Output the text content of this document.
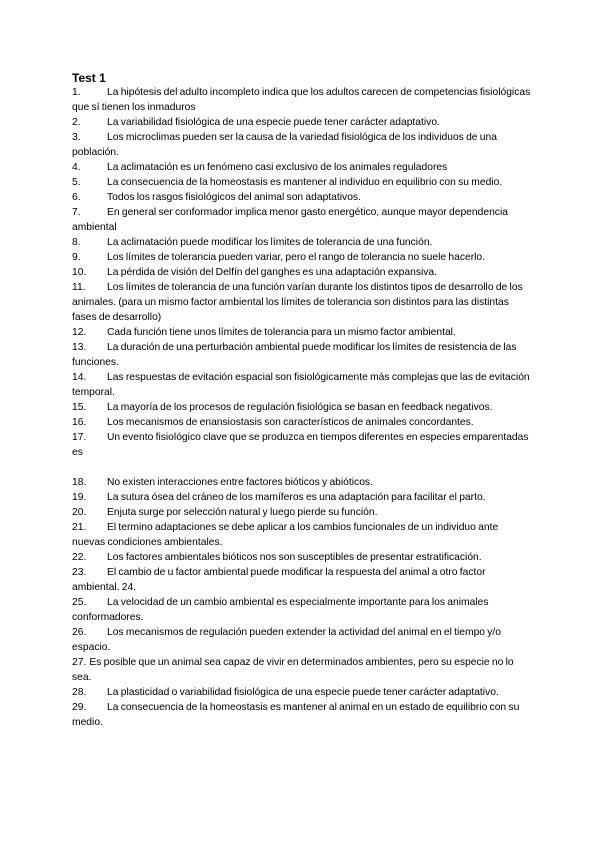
Test 1

1.	La hipótesis del adulto incompleto indica que los adultos carecen de competencias fisiológicas que sí tienen los inmaduros

2.	La variabilidad fisiológica de una especie puede tener carácter adaptativo.

3.	Los microclimas pueden ser la causa de la variedad fisiológica de los individuos de una población.

4.	La aclimatación es un fenómeno casi exclusivo de los animales reguladores

5.	La consecuencia de la homeostasis es mantener al individuo en equilibrio con su medio.

6.	Todos los rasgos fisiológicos del animal son adaptativos.

7.	En general ser conformador implica menor gasto energético, aunque mayor dependencia ambiental

8.	La aclimatación puede modificar los límites de tolerancia de una función.

9.	Los límites de tolerancia pueden variar, pero el rango de tolerancia no suele hacerlo.

10. La pérdida de visión del Delfín del ganghes es una adaptación expansiva.

11. Los límites de tolerancia de una función varían durante los distintos tipos de desarrollo de los animales. (para un mismo factor ambiental los límites de tolerancia son distintos para las distintas fases de desarrollo)

12. Cada función tiene unos límites de tolerancia para un mismo factor ambiental.

13. La duración de una perturbación ambiental puede modificar los límites de resistencia de las funciones.

14. Las respuestas de evitación espacial son fisiológicamente más complejas que las de evitación temporal.

15. La mayoría de los procesos de regulación fisiológica se basan en feedback negativos.

16. Los mecanismos de enansiostasis son característicos de animales concordantes.

17. Un evento fisiológico clave que se produzca en tiempos diferentes en especies emparentadas es

18. No existen interacciones entre factores bióticos y abióticos.

19. La sutura ósea del cráneo de los mamíferos es una adaptación para facilitar el parto.

20. Enjuta surge por selección natural y luego pierde su función.

21. El termino adaptaciones se debe aplicar a los cambios funcionales de un individuo ante nuevas condiciones ambientales.

22. Los factores ambientales bióticos nos son susceptibles de presentar estratificación.

23. El cambio de u factor ambiental puede modificar la respuesta del animal a otro factor ambiental. 24.

25. La velocidad de un cambio ambiental es especialmente importante para los animales conformadores.

26. Los mecanismos de regulación pueden extender la actividad del animal en el tiempo y/o espacio.

27. Es posible que un animal sea capaz de vivir en determinados ambientes, pero su especie no lo sea.

28. La plasticidad o variabilidad fisiológica de una especie puede tener carácter adaptativo.

29. La consecuencia de la homeostasis es mantener al animal en un estado de equilibrio con su medio.
